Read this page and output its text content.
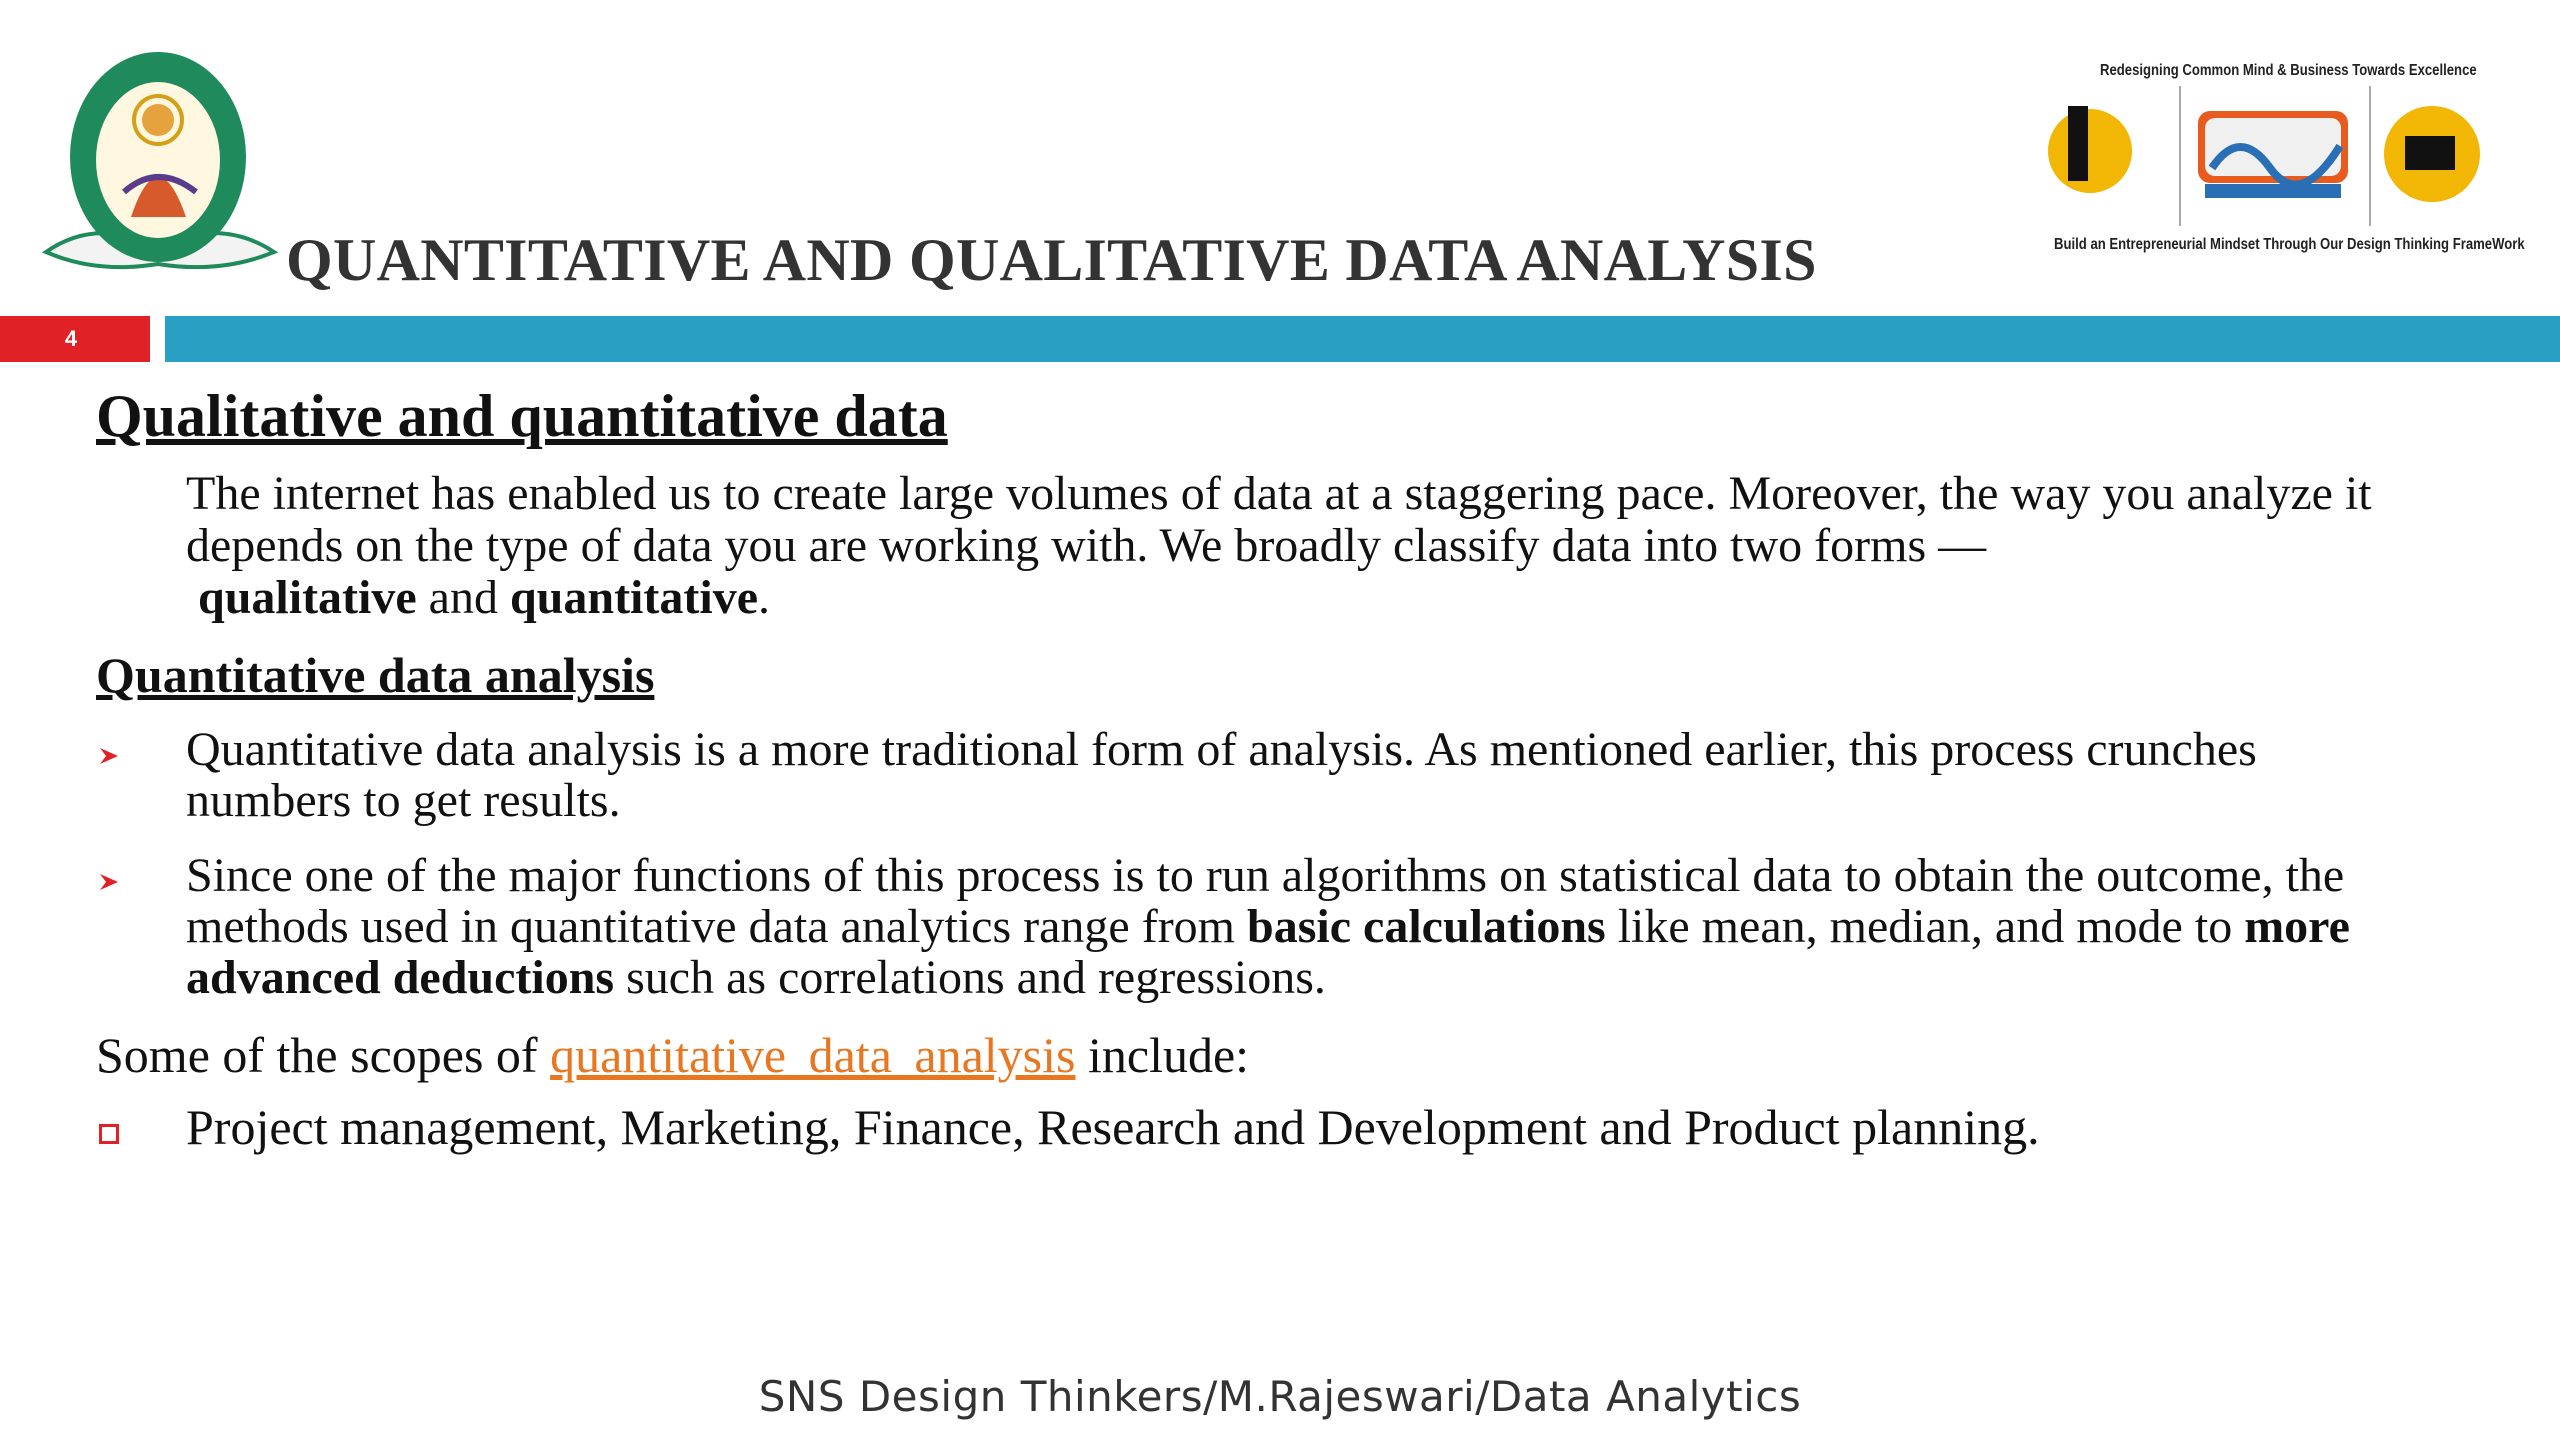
QUANTITATIVE AND QUALITATIVE DATA ANALYSIS
Redesigning Common Mind & Business Towards Excellence
Build an Entrepreneurial Mindset Through Our Design Thinking FrameWork
4
Qualitative and quantitative data

The internet has enabled us to create large volumes of data at a staggering pace. Moreover, the way you analyze it depends on the type of data you are working with. We broadly classify data into two forms —
qualitative and quantitative.

Quantitative data analysis

Quantitative data analysis is a more traditional form of analysis. As mentioned earlier, this process crunches numbers to get results.

Since one of the major functions of this process is to run algorithms on statistical data to obtain the outcome, the methods used in quantitative data analytics range from basic calculations like mean, median, and mode to more advanced deductions such as correlations and regressions.

Some of the scopes of quantitative data analysis include:

Project management, Marketing, Finance, Research and Development and Product planning.

SNS Design Thinkers/M.Rajeswari/Data Analytics
